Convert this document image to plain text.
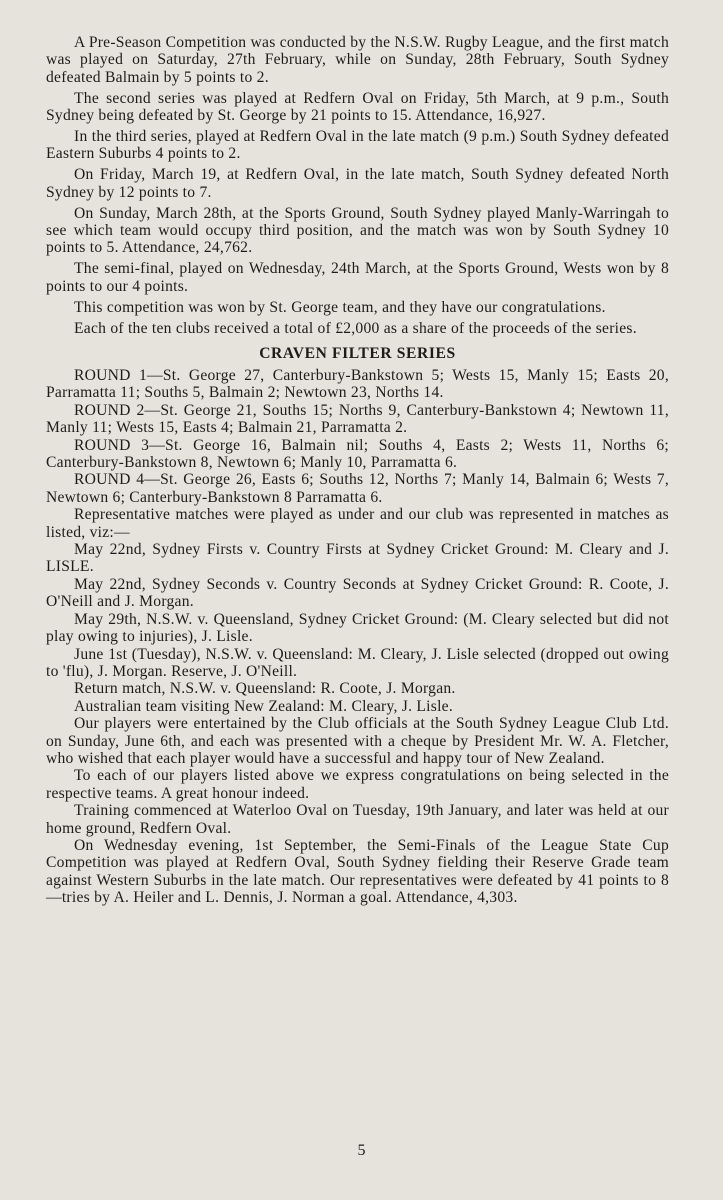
A Pre-Season Competition was conducted by the N.S.W. Rugby League, and the first match was played on Saturday, 27th February, while on Sunday, 28th February, South Sydney defeated Balmain by 5 points to 2.

The second series was played at Redfern Oval on Friday, 5th March, at 9 p.m., South Sydney being defeated by St. George by 21 points to 15. Attendance, 16,927.

In the third series, played at Redfern Oval in the late match (9 p.m.) South Sydney defeated Eastern Suburbs 4 points to 2.

On Friday, March 19, at Redfern Oval, in the late match, South Sydney defeated North Sydney by 12 points to 7.

On Sunday, March 28th, at the Sports Ground, South Sydney played Manly-Warringah to see which team would occupy third position, and the match was won by South Sydney 10 points to 5. Attendance, 24,762.

The semi-final, played on Wednesday, 24th March, at the Sports Ground, Wests won by 8 points to our 4 points.

This competition was won by St. George team, and they have our congratulations.

Each of the ten clubs received a total of £2,000 as a share of the proceeds of the series.

CRAVEN FILTER SERIES

ROUND 1—St. George 27, Canterbury-Bankstown 5; Wests 15, Manly 15; Easts 20, Parramatta 11; Souths 5, Balmain 2; Newtown 23, Norths 14.

ROUND 2—St. George 21, Souths 15; Norths 9, Canterbury-Bankstown 4; Newtown 11, Manly 11; Wests 15, Easts 4; Balmain 21, Parramatta 2.

ROUND 3—St. George 16, Balmain nil; Souths 4, Easts 2; Wests 11, Norths 6; Canterbury-Bankstown 8, Newtown 6; Manly 10, Parramatta 6.

ROUND 4—St. George 26, Easts 6; Souths 12, Norths 7; Manly 14, Balmain 6; Wests 7, Newtown 6; Canterbury-Bankstown 8 Parramatta 6.

Representative matches were played as under and our club was represented in matches as listed, viz:—

May 22nd, Sydney Firsts v. Country Firsts at Sydney Cricket Ground: M. Cleary and J. LISLE.

May 22nd, Sydney Seconds v. Country Seconds at Sydney Cricket Ground: R. Coote, J. O'Neill and J. Morgan.

May 29th, N.S.W. v. Queensland, Sydney Cricket Ground: (M. Cleary selected but did not play owing to injuries), J. Lisle.

June 1st (Tuesday), N.S.W. v. Queensland: M. Cleary, J. Lisle selected (dropped out owing to 'flu), J. Morgan. Reserve, J. O'Neill.

Return match, N.S.W. v. Queensland: R. Coote, J. Morgan.

Australian team visiting New Zealand: M. Cleary, J. Lisle.

Our players were entertained by the Club officials at the South Sydney League Club Ltd. on Sunday, June 6th, and each was presented with a cheque by President Mr. W. A. Fletcher, who wished that each player would have a successful and happy tour of New Zealand.

To each of our players listed above we express congratulations on being selected in the respective teams. A great honour indeed.

Training commenced at Waterloo Oval on Tuesday, 19th January, and later was held at our home ground, Redfern Oval.

On Wednesday evening, 1st September, the Semi-Finals of the League State Cup Competition was played at Redfern Oval, South Sydney fielding their Reserve Grade team against Western Suburbs in the late match. Our representatives were defeated by 41 points to 8—tries by A. Heiler and L. Dennis, J. Norman a goal. Attendance, 4,303.

5
